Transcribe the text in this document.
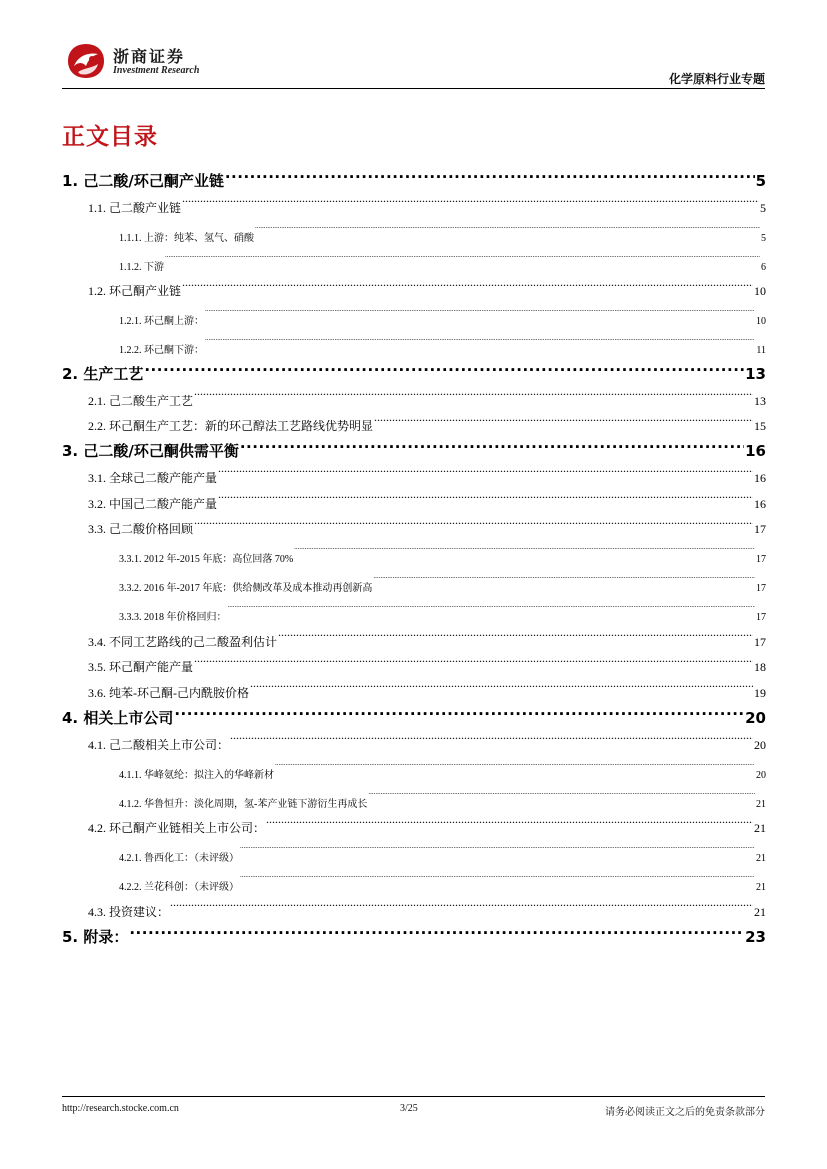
浙商证券
Investment Research
化学原料行业专题
正文目录
1. 己二酸/环己酮产业链 .....	5
1.1. 己二酸产业链 .....	5
1.1.1. 上游：纯苯、氢气、硝酸 .....	5
1.1.2. 下游 .....	6
1.2. 环己酮产业链 .....	10
1.2.1. 环己酮上游： .....	10
1.2.2. 环己酮下游： .....	11
2. 生产工艺 .....	13
2.1. 己二酸生产工艺 .....	13
2.2. 环己酮生产工艺：新的环己醇法工艺路线优势明显 .....	15
3. 己二酸/环己酮供需平衡 .....	16
3.1. 全球己二酸产能产量 .....	16
3.2. 中国己二酸产能产量 .....	16
3.3. 己二酸价格回顾 .....	17
3.3.1. 2012 年-2015 年底：高位回落 70% .....	17
3.3.2. 2016 年-2017 年底：供给侧改革及成本推动再创新高 .....	17
3.3.3. 2018 年价格回归： .....	17
3.4. 不同工艺路线的己二酸盈利估计 .....	17
3.5. 环己酮产能产量 .....	18
3.6. 纯苯-环己酮-己内酰胺价格 .....	19
4. 相关上市公司 .....	20
4.1. 己二酸相关上市公司： .....	20
4.1.1. 华峰氨纶：拟注入的华峰新材 .....	20
4.1.2. 华鲁恒升：淡化周期，氢-苯产业链下游衍生再成长 .....	21
4.2. 环己酮产业链相关上市公司： .....	21
4.2.1. 鲁西化工：（未评级） .....	21
4.2.2. 兰花科创：（未评级） .....	21
4.3. 投资建议： .....	21
5. 附录： .....	23
http://research.stocke.com.cn	3/25	请务必阅读正文之后的免责条款部分
